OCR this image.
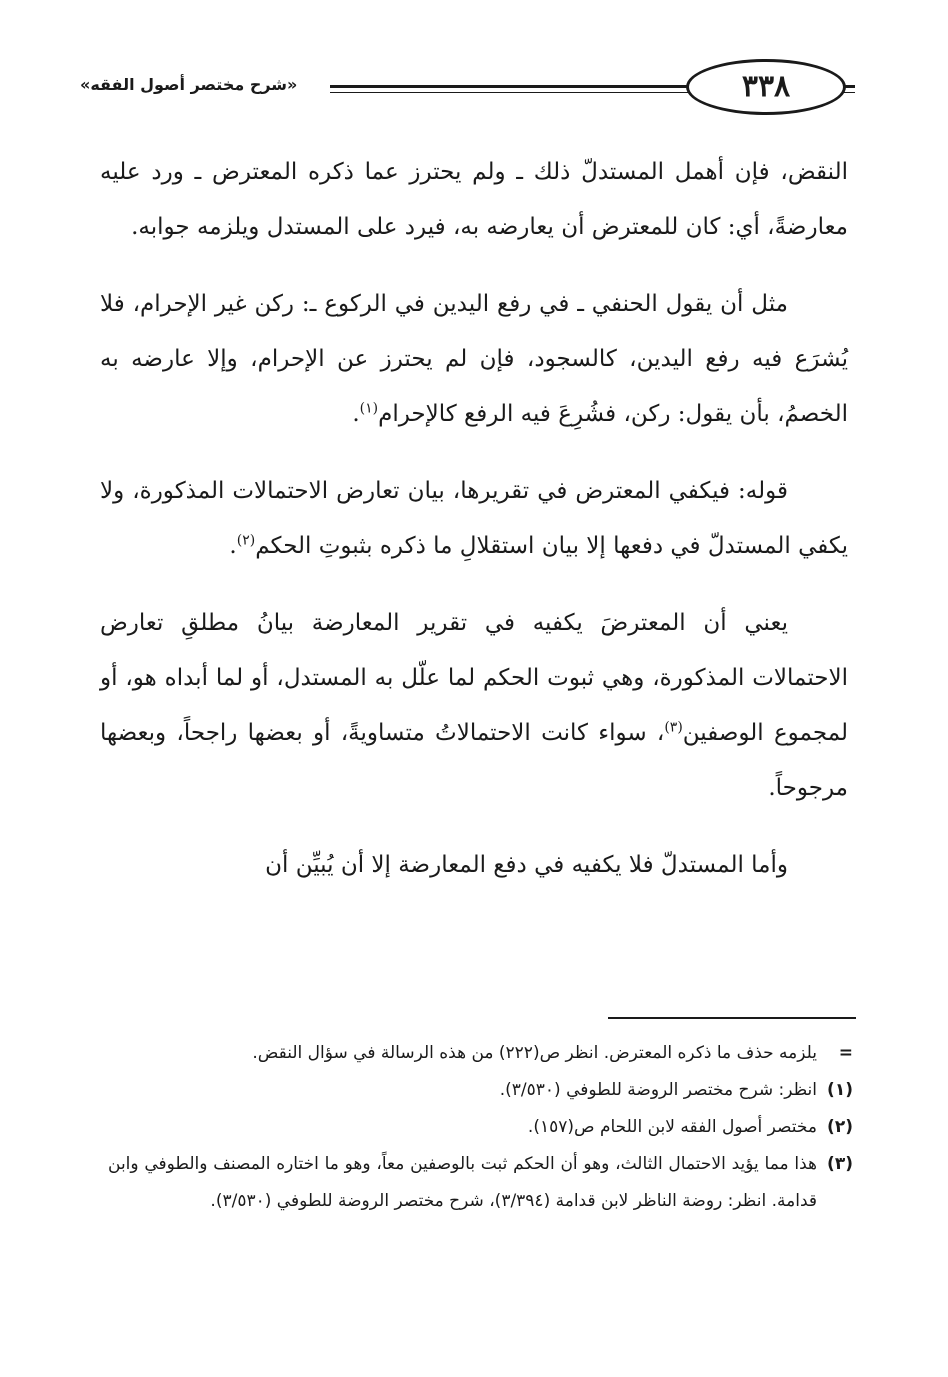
٣٣٨
«شرح مختصر أصول الفقه»

النقض، فإن أهمل المستدلّ ذلك ـ ولم يحترز عما ذكره المعترض ـ ورد عليه معارضةً، أي: كان للمعترض أن يعارضه به، فيرد على المستدل ويلزمه جوابه.

مثل أن يقول الحنفي ـ في رفع اليدين في الركوع ـ: ركن غير الإحرام، فلا يُشرَع فيه رفع اليدين، كالسجود، فإن لم يحترز عن الإحرام، وإلا عارضه به الخصمُ، بأن يقول: ركن، فشُرِعَ فيه الرفع كالإحرام$^{(١)}$.

قوله: فيكفي المعترض في تقريرها، بيان تعارض الاحتمالات المذكورة، ولا يكفي المستدلّ في دفعها إلا بيان استقلالِ ما ذكره بثبوتِ الحكم$^{(٢)}$.

يعني أن المعترضَ يكفيه في تقرير المعارضة بيانُ مطلقِ تعارض الاحتمالات المذكورة، وهي ثبوت الحكم لما علّل به المستدل، أو لما أبداه هو، أو لمجموع الوصفين$^{(٣)}$، سواء كانت الاحتمالاتُ متساويةً، أو بعضها راجحاً، وبعضها مرجوحاً.

وأما المستدلّ فلا يكفيه في دفع المعارضة إلا أن يُبيِّن أن

=
يلزمه حذف ما ذكره المعترض. انظر ص(٢٢٢) من هذه الرسالة في سؤال النقض.
(١)
انظر: شرح مختصر الروضة للطوفي (٣/٥٣٠).
(٢)
مختصر أصول الفقه لابن اللحام ص(١٥٧).
(٣)
هذا مما يؤيد الاحتمال الثالث، وهو أن الحكم ثبت بالوصفين معاً، وهو ما اختاره المصنف والطوفي وابن قدامة. انظر: روضة الناظر لابن قدامة (٣/٣٩٤)، شرح مختصر الروضة للطوفي (٣/٥٣٠).
